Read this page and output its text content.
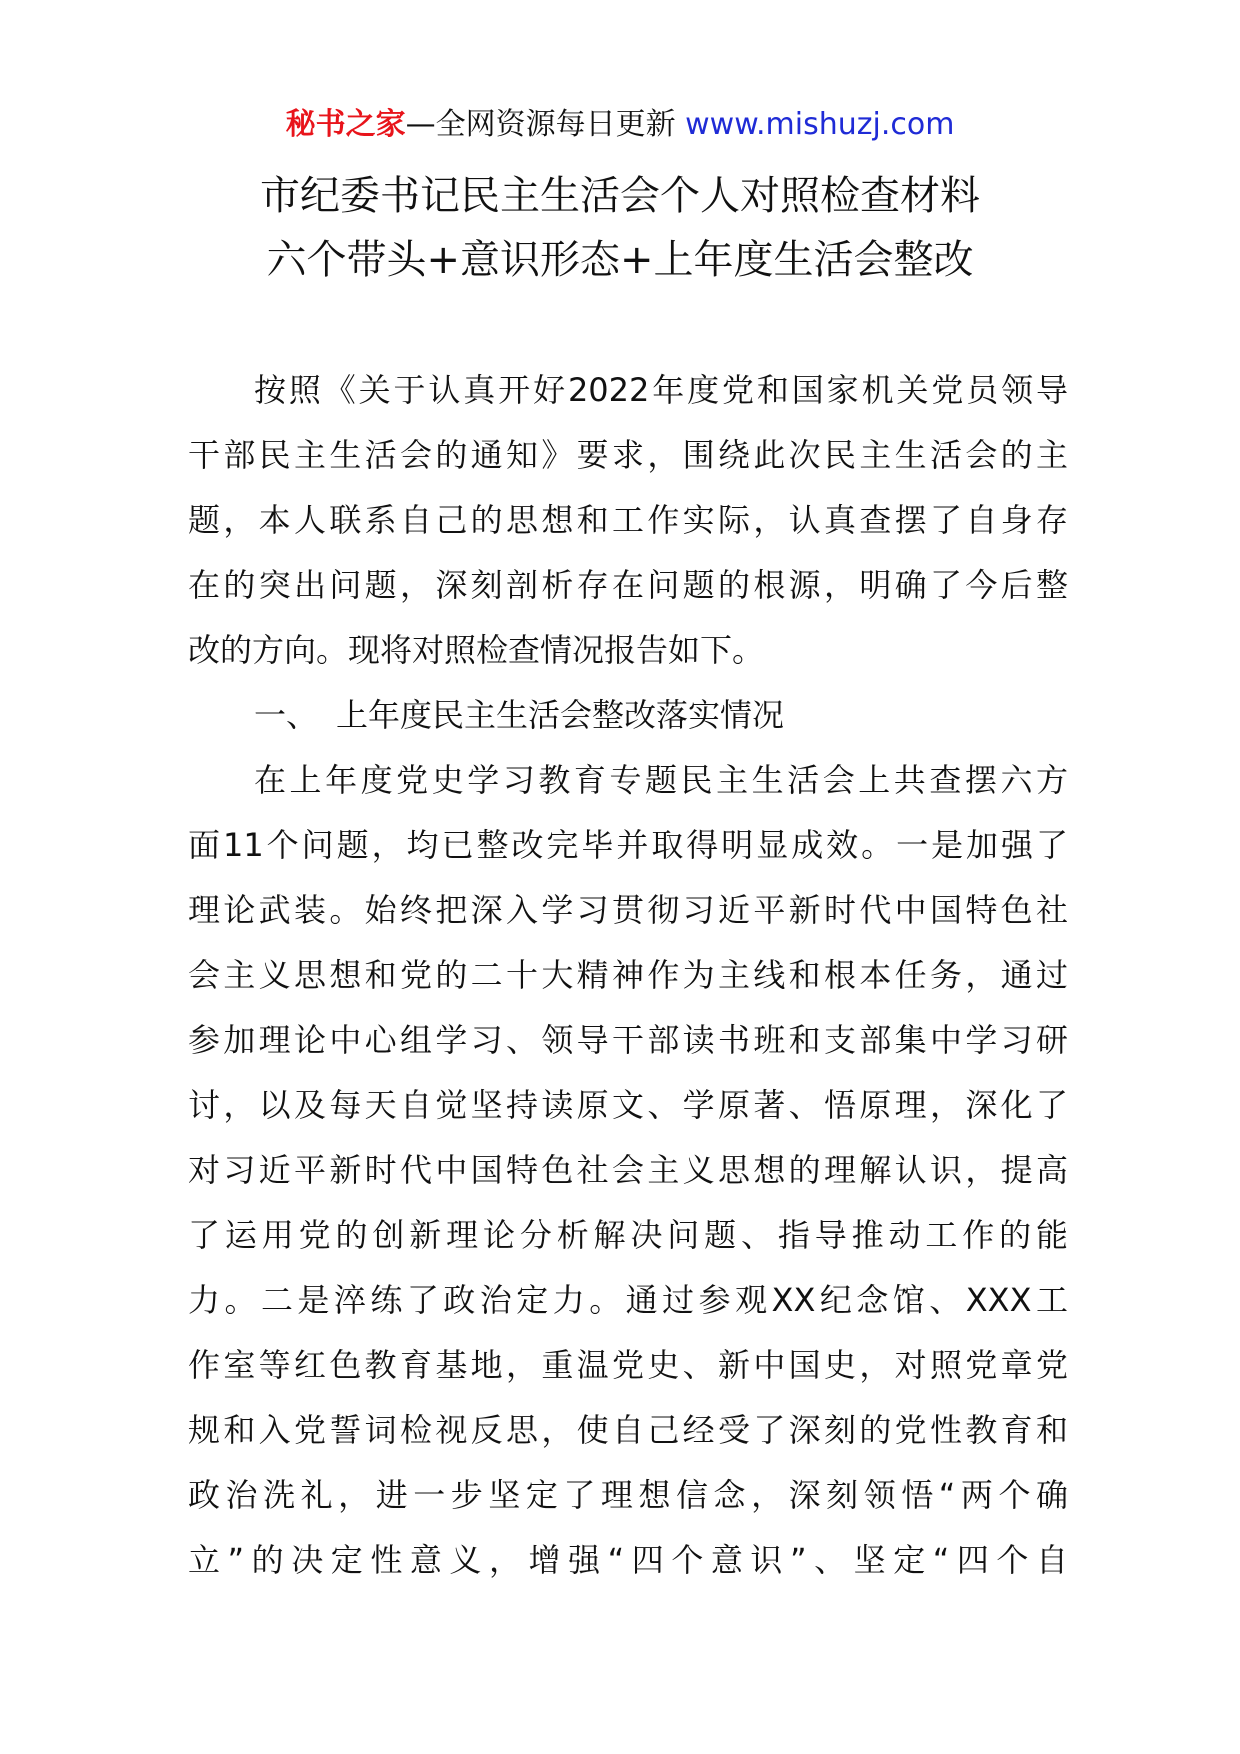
秘书之家—全网资源每日更新 www.mishuzj.com
市纪委书记民主生活会个人对照检查材料
六个带头+意识形态+上年度生活会整改
按照《关于认真开好2022年度党和国家机关党员领导
干部民主生活会的通知》要求，围绕此次民主生活会的主
题，本人联系自己的思想和工作实际，认真查摆了自身存
在的突出问题，深刻剖析存在问题的根源，明确了今后整
改的方向。现将对照检查情况报告如下。
一、 上年度民主生活会整改落实情况
在上年度党史学习教育专题民主生活会上共查摆六方
面11个问题，均已整改完毕并取得明显成效。一是加强了
理论武装。始终把深入学习贯彻习近平新时代中国特色社
会主义思想和党的二十大精神作为主线和根本任务，通过
参加理论中心组学习、领导干部读书班和支部集中学习研
讨，以及每天自觉坚持读原文、学原著、悟原理，深化了
对习近平新时代中国特色社会主义思想的理解认识，提高
了运用党的创新理论分析解决问题、指导推动工作的能
力。二是淬练了政治定力。通过参观XX纪念馆、XXX工
作室等红色教育基地，重温党史、新中国史，对照党章党
规和入党誓词检视反思，使自己经受了深刻的党性教育和
政治洗礼，进一步坚定了理想信念，深刻领悟“两个确
立”的决定性意义，增强“四个意识”、坚定“四个自
